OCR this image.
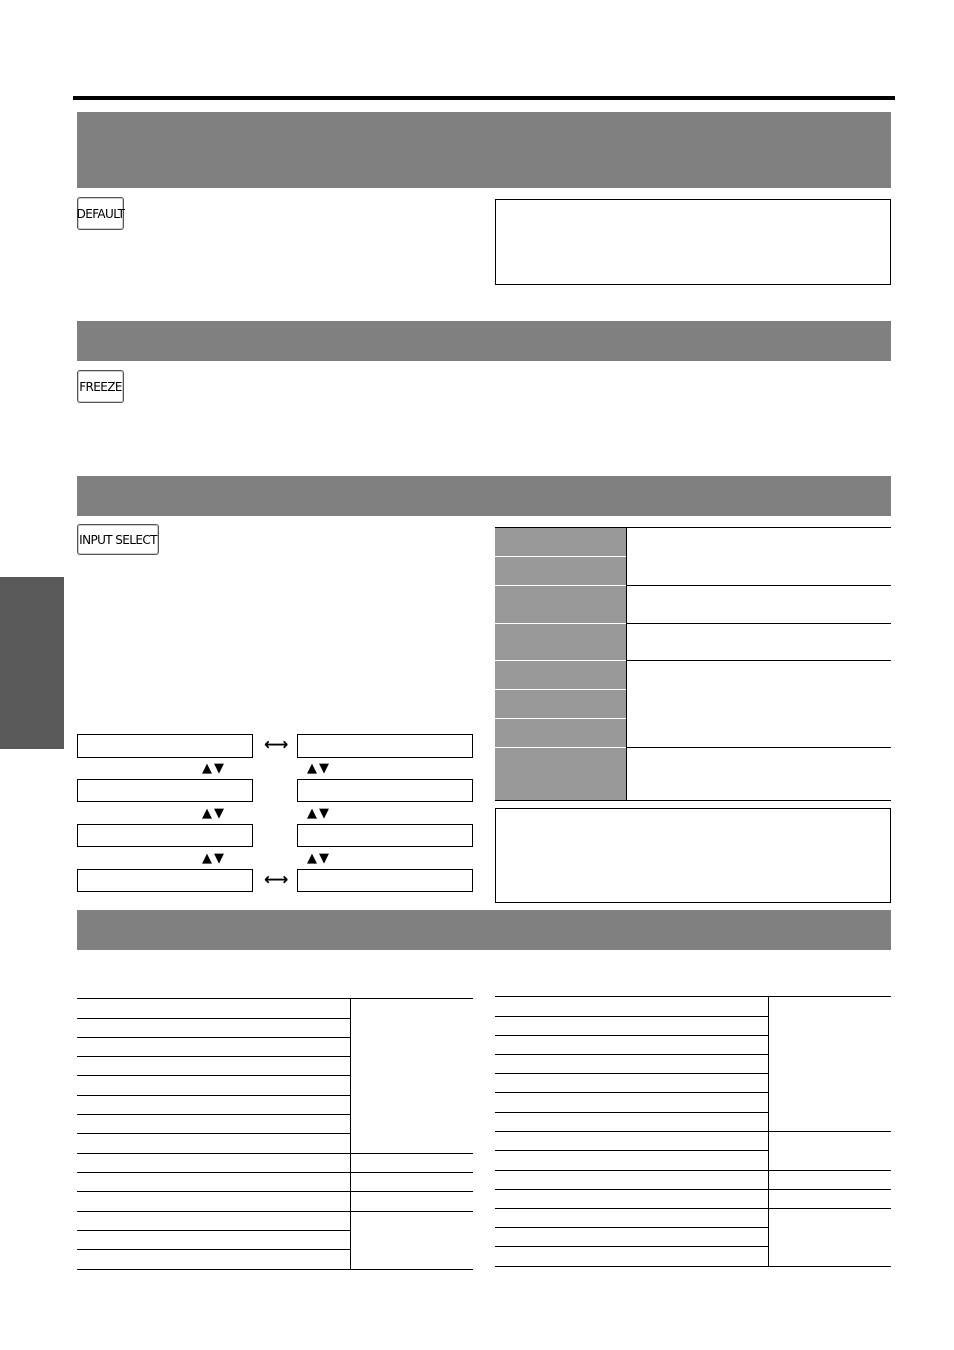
DEFAULT
FREEZE
INPUT SELECT
⟷
⟷
▲▼
▲▼
▲▼
▲▼
▲▼
▲▼
